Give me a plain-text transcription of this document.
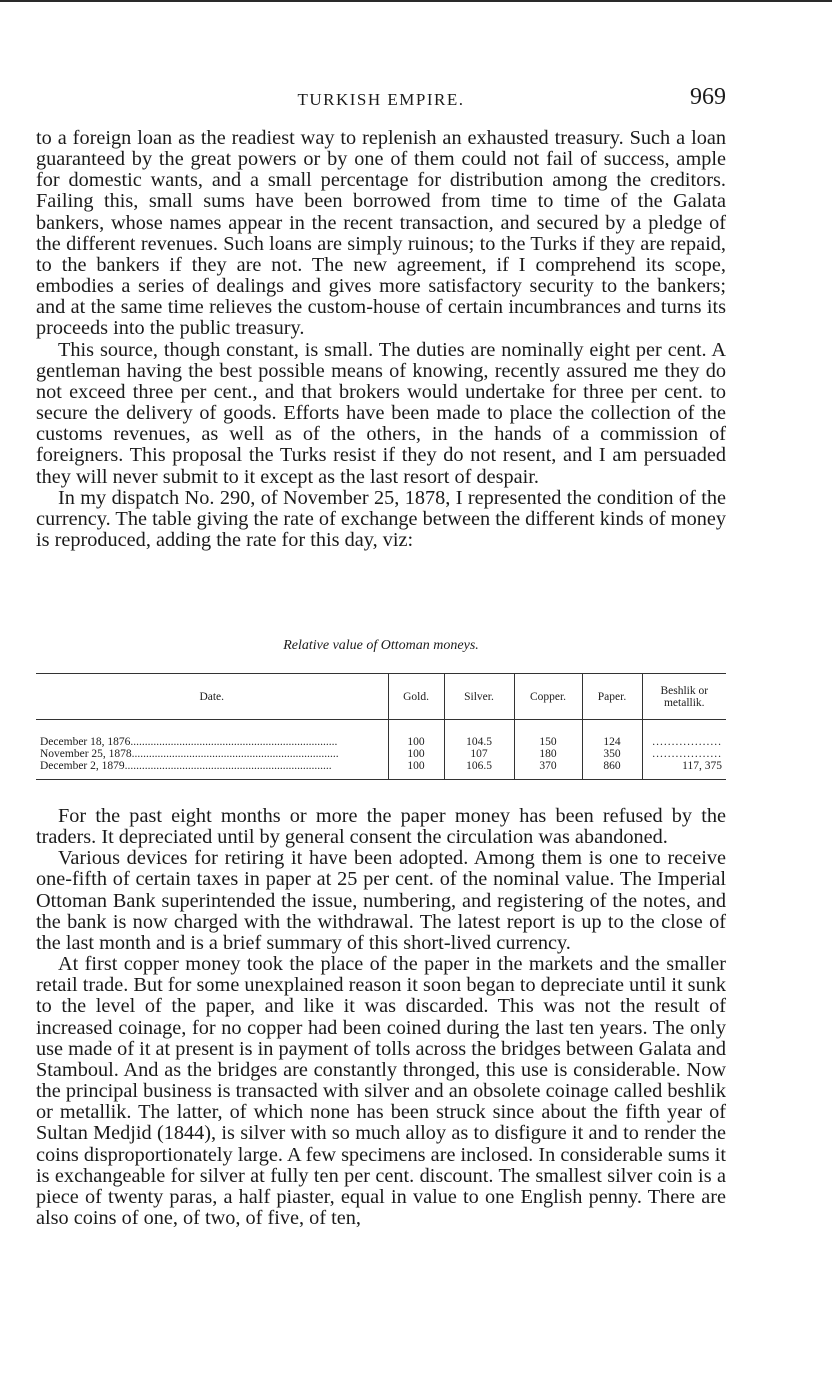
TURKISH EMPIRE.	969

to a foreign loan as the readiest way to replenish an exhausted treasury. Such a loan guaranteed by the great powers or by one of them could not fail of success, ample for domestic wants, and a small percentage for distribution among the creditors. Failing this, small sums have been borrowed from time to time of the Galata bankers, whose names appear in the recent transaction, and secured by a pledge of the different revenues. Such loans are simply ruinous; to the Turks if they are repaid, to the bankers if they are not. The new agreement, if I comprehend its scope, embodies a series of dealings and gives more satisfactory security to the bankers; and at the same time relieves the custom-house of certain incumbrances and turns its proceeds into the public treasury.

This source, though constant, is small. The duties are nominally eight per cent. A gentleman having the best possible means of knowing, recently assured me they do not exceed three per cent., and that brokers would undertake for three per cent. to secure the delivery of goods. Efforts have been made to place the collection of the customs revenues, as well as of the others, in the hands of a commission of foreigners. This proposal the Turks resist if they do not resent, and I am persuaded they will never submit to it except as the last resort of despair.

In my dispatch No. 290, of November 25, 1878, I represented the condition of the currency. The table giving the rate of exchange between the different kinds of money is reproduced, adding the rate for this day, viz:

Relative value of Ottoman moneys.
Date.	Gold.	Silver.	Copper.	Paper.	Beshlik or metallik.
December 18, 1876........................................................................	100	104.5	150	124	..................
November 25, 1878........................................................................	100	107	180	350	..................
December 2, 1879........................................................................	100	106.5	370	860	117, 375

For the past eight months or more the paper money has been refused by the traders. It depreciated until by general consent the circulation was abandoned.

Various devices for retiring it have been adopted. Among them is one to receive one-fifth of certain taxes in paper at 25 per cent. of the nominal value. The Imperial Ottoman Bank superintended the issue, numbering, and registering of the notes, and the bank is now charged with the withdrawal. The latest report is up to the close of the last month and is a brief summary of this short-lived currency.

At first copper money took the place of the paper in the markets and the smaller retail trade. But for some unexplained reason it soon began to depreciate until it sunk to the level of the paper, and like it was discarded. This was not the result of increased coinage, for no copper had been coined during the last ten years. The only use made of it at present is in payment of tolls across the bridges between Galata and Stamboul. And as the bridges are constantly thronged, this use is considerable. Now the principal business is transacted with silver and an obsolete coinage called beshlik or metallik. The latter, of which none has been struck since about the fifth year of Sultan Medjid (1844), is silver with so much alloy as to disfigure it and to render the coins disproportionately large. A few specimens are inclosed. In considerable sums it is exchangeable for silver at fully ten per cent. discount. The smallest silver coin is a piece of twenty paras, a half piaster, equal in value to one English penny. There are also coins of one, of two, of five, of ten,
